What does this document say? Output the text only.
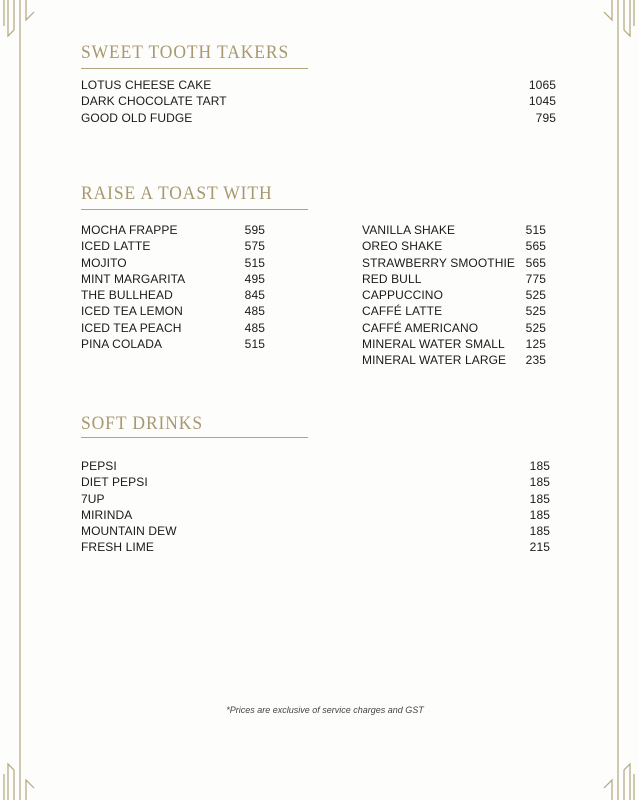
SWEET TOOTH TAKERS
LOTUS CHEESE CAKE	1065
DARK CHOCOLATE TART	1045
GOOD OLD FUDGE	795
RAISE A TOAST WITH
MOCHA FRAPPE	595
ICED LATTE	575
MOJITO	515
MINT MARGARITA	495
THE BULLHEAD	845
ICED TEA LEMON	485
ICED TEA PEACH	485
PINA COLADA	515
VANILLA SHAKE	515
OREO SHAKE	565
STRAWBERRY SMOOTHIE 565
RED BULL	775
CAPPUCCINO	525
CAFFÉ LATTE	525
CAFFÉ AMERICANO	525
MINERAL WATER SMALL 125
MINERAL WATER LARGE 235
SOFT DRINKS
PEPSI	185
DIET PEPSI	185
7UP	185
MIRINDA	185
MOUNTAIN DEW	185
FRESH LIME	215
*Prices are exclusive of service charges and GST
